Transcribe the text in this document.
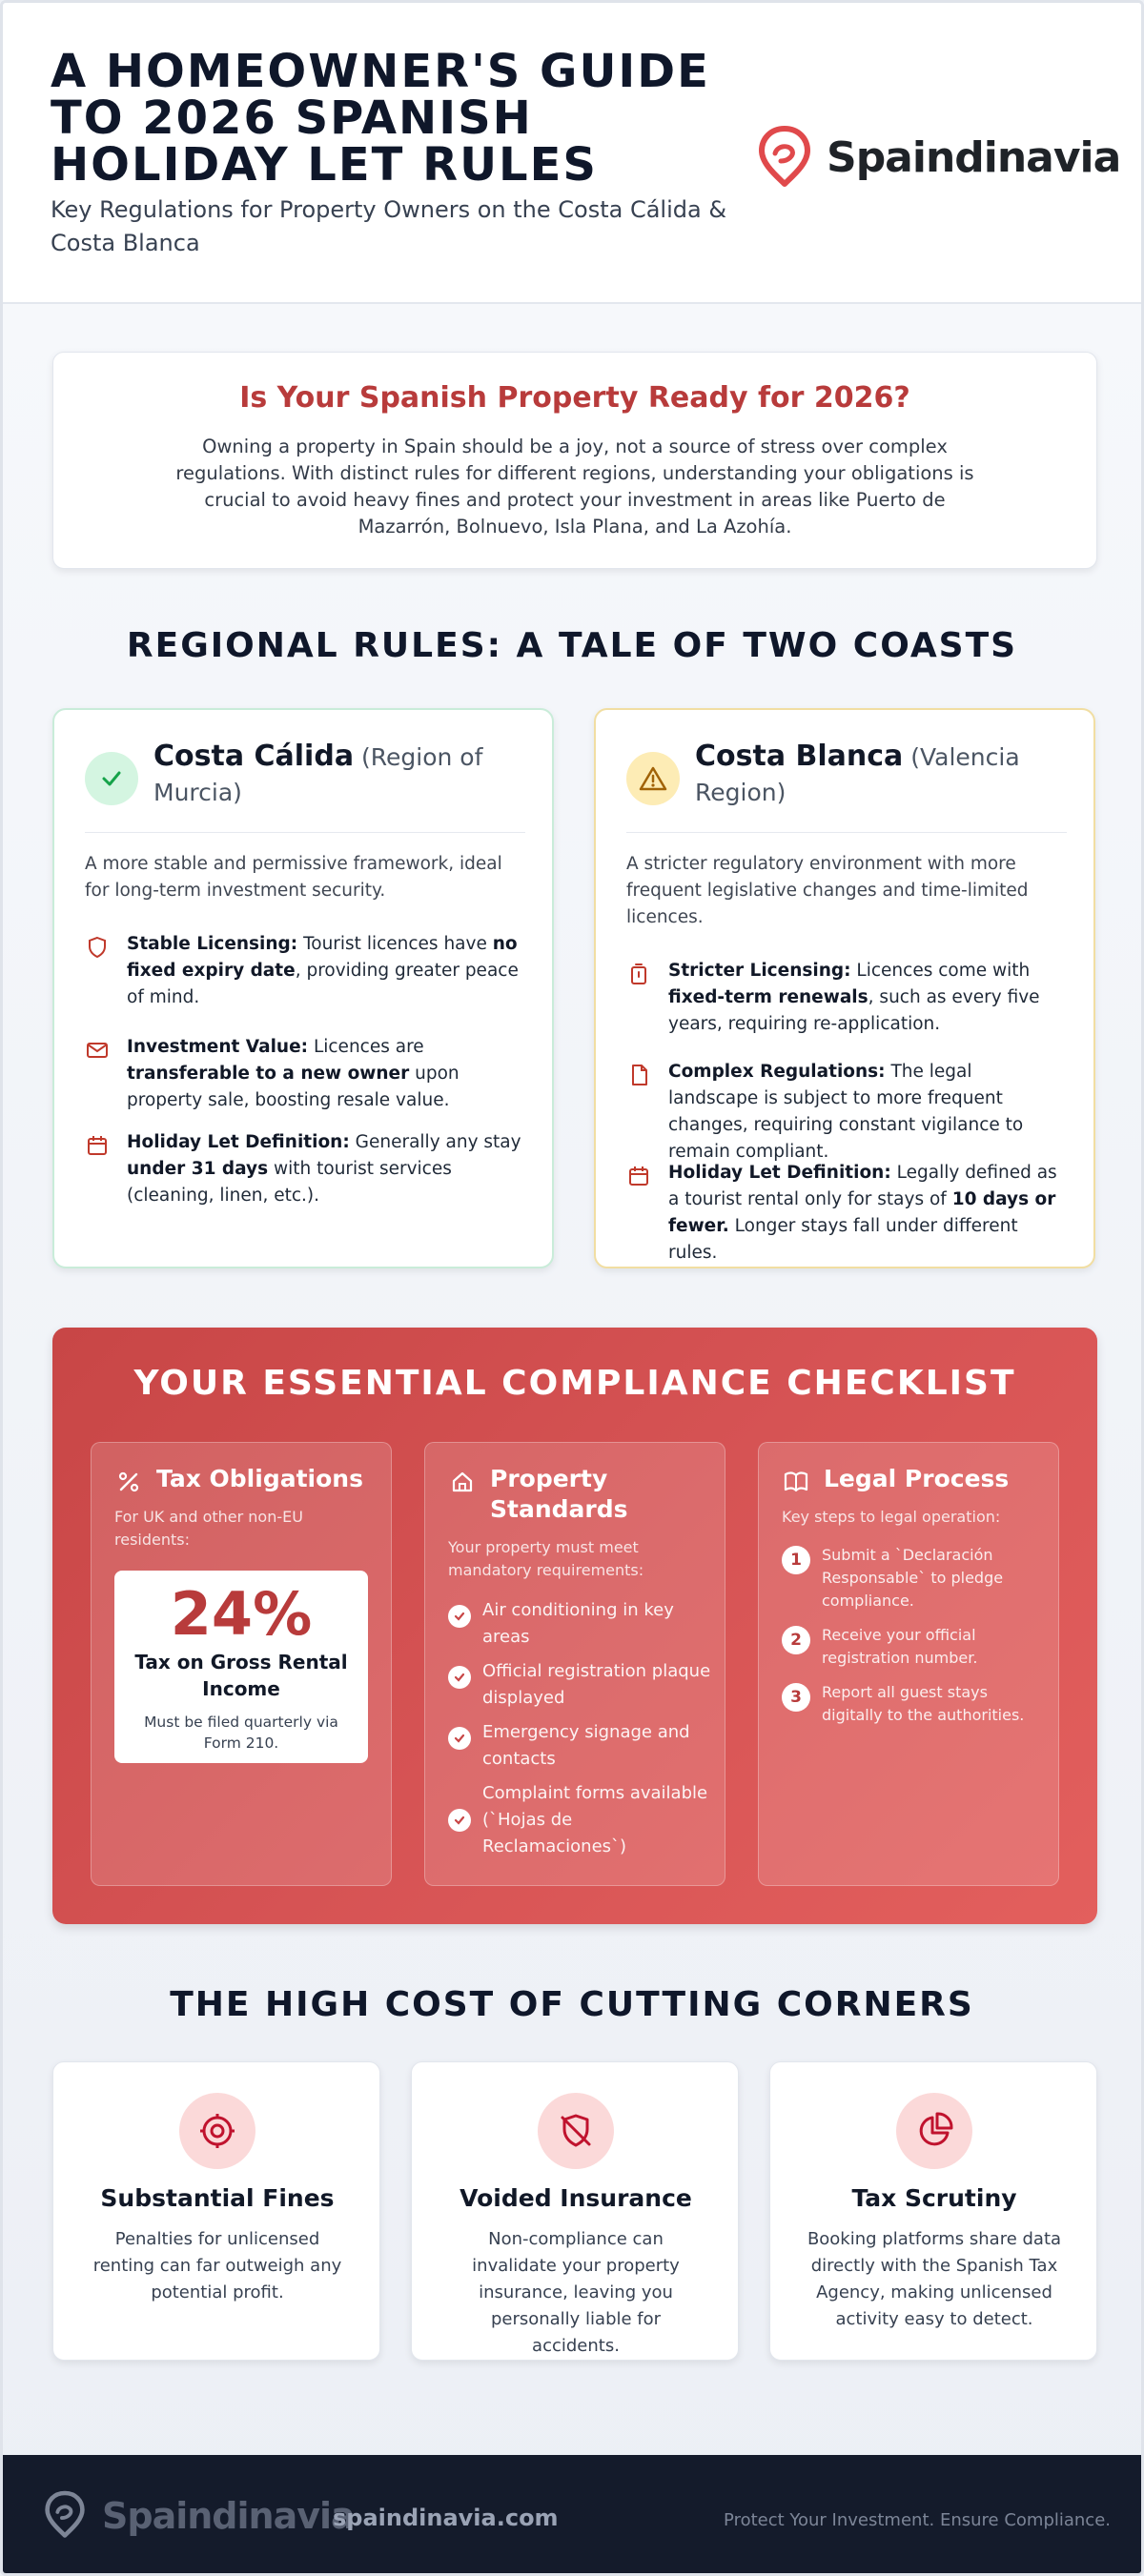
A HOMEOWNER'S GUIDE TO 2026 SPANISH HOLIDAY LET RULES

Key Regulations for Property Owners on the Costa Cálida & Costa Blanca

Spaindinavia
Is Your Spanish Property Ready for 2026?

Owning a property in Spain should be a joy, not a source of stress over complex regulations. With distinct rules for different regions, understanding your obligations is crucial to avoid heavy fines and protect your investment in areas like Puerto de Mazarrón, Bolnuevo, Isla Plana, and La Azohía.

REGIONAL RULES: A TALE OF TWO COASTS
Costa Cálida (Region of Murcia)
A more stable and permissive framework, ideal for long-term investment security.
Stable Licensing: Tourist licences have no fixed expiry date, providing greater peace of mind.
Investment Value: Licences are transferable to a new owner upon property sale, boosting resale value.
Holiday Let Definition: Generally any stay under 31 days with tourist services (cleaning, linen, etc.).
Costa Blanca (Valencia Region)
A stricter regulatory environment with more frequent legislative changes and time-limited licences.
Stricter Licensing: Licences come with fixed-term renewals, such as every five years, requiring re-application.
Complex Regulations: The legal landscape is subject to more frequent changes, requiring constant vigilance to remain compliant.
Holiday Let Definition: Legally defined as a tourist rental only for stays of 10 days or fewer. Longer stays fall under different rules.
YOUR ESSENTIAL COMPLIANCE CHECKLIST
Tax Obligations
For UK and other non-EU residents:
24%
Tax on Gross Rental Income
Must be filed quarterly via Form 210.
Property Standards
Your property must meet mandatory requirements:
Air conditioning in key areas
Official registration plaque displayed
Emergency signage and contacts
Complaint forms available (`Hojas de Reclamaciones`)
Legal Process
Key steps to legal operation:
1	Submit a `Declaración Responsable` to pledge compliance.
2	Receive your official registration number.
3	Report all guest stays digitally to the authorities.
THE HIGH COST OF CUTTING CORNERS
Substantial Fines
Penalties for unlicensed renting can far outweigh any potential profit.
Voided Insurance
Non-compliance can invalidate your property insurance, leaving you personally liable for accidents.
Tax Scrutiny
Booking platforms share data directly with the Spanish Tax Agency, making unlicensed activity easy to detect.
Spaindinavia
spaindinavia.com	Protect Your Investment. Ensure Compliance.
